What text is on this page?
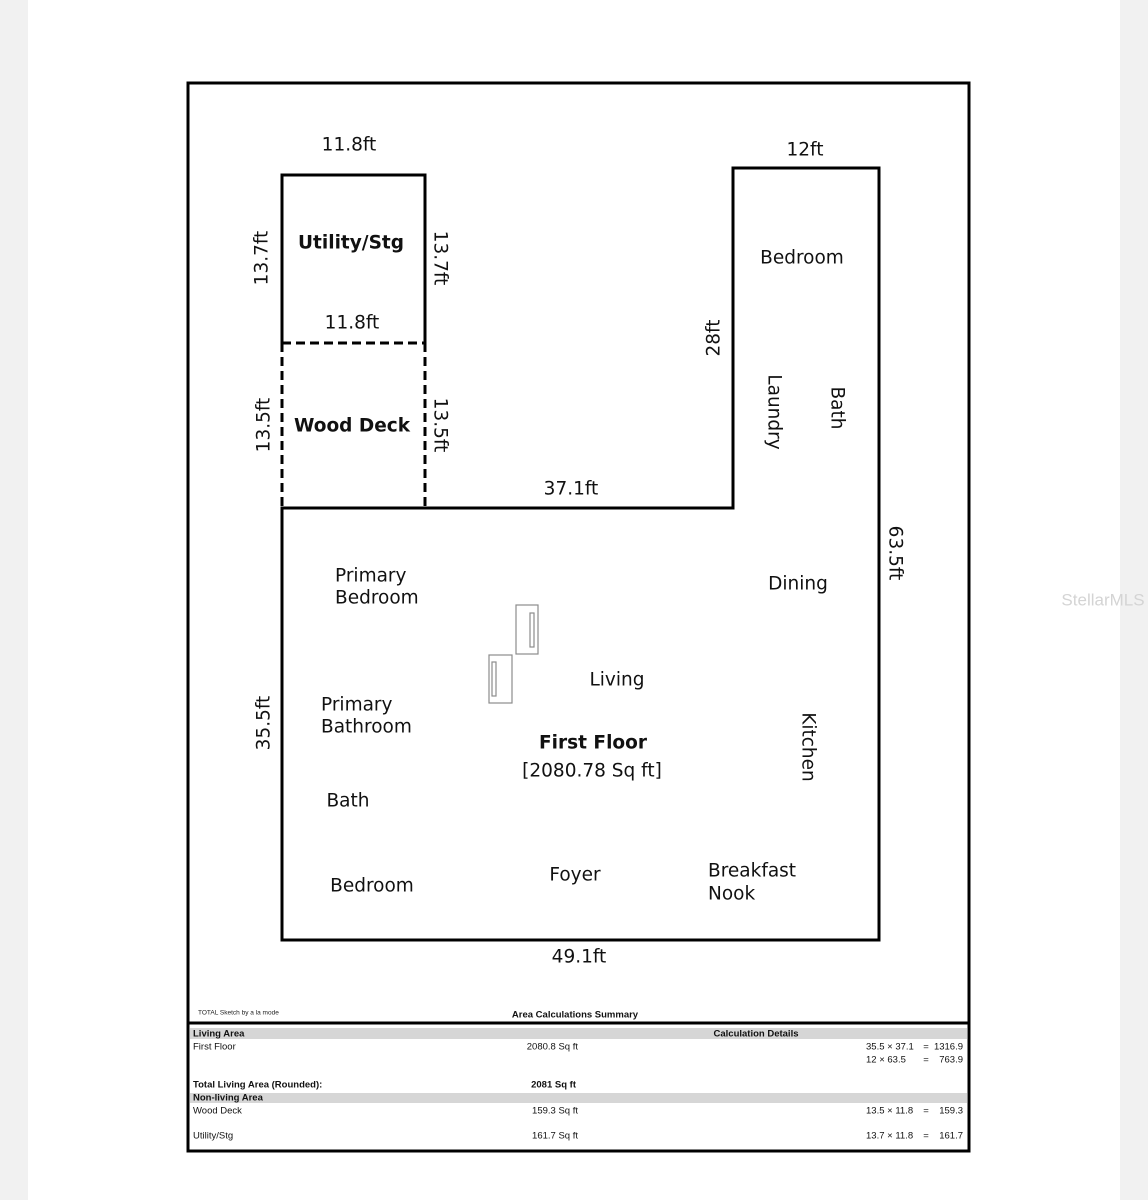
11.8ft
Utility/Stg
11.8ft
13.7ft	13.7ft
Wood Deck
13.5ft	13.5ft
37.1ft
12ft
28ft
63.5ft
35.5ft
49.1ft
First Floor
[2080.78 Sq ft]
Bedroom
Laundry Bath
Primary
Bedroom
Dining
Living
Primary
Bathroom	Kitchen
Bath
Bedroom
Foyer	Breakfast
Nook
TOTAL Sketch by a la mode	Area Calculations Summary
Living Area	Calculation Details
First Floor	2080.8 Sq ft	35.5 × 37.1 = 1316.9
12 × 63.5 = 763.9
Total Living Area (Rounded):	2081 Sq ft
Non-living Area
Wood Deck	159.3 Sq ft	13.5 × 11.8 = 159.3
Utility/Stg	161.7 Sq ft	13.7 × 11.8 = 161.7
StellarMLS
